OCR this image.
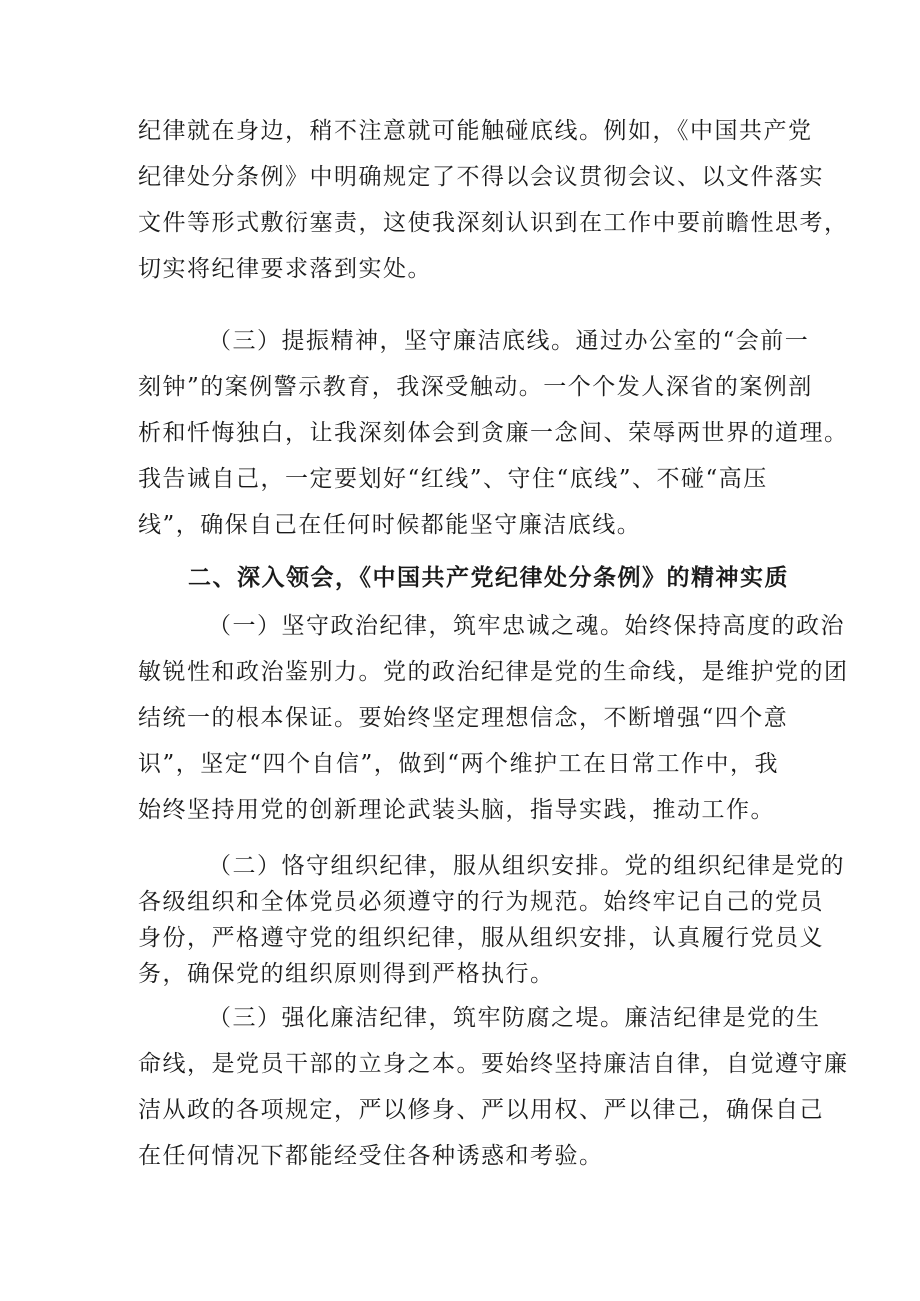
纪律就在身边，稍不注意就可能触碰底线。例如，《中国共产党
纪律处分条例》中明确规定了不得以会议贯彻会议、以文件落实
文件等形式敷衍塞责，这使我深刻认识到在工作中要前瞻性思考，
切实将纪律要求落到实处。
（三）提振精神，坚守廉洁底线。通过办公室的“会前一
刻钟”的案例警示教育，我深受触动。一个个发人深省的案例剖
析和忏悔独白，让我深刻体会到贪廉一念间、荣辱两世界的道理。
我告诫自己，一定要划好“红线”、守住“底线”、不碰“高压
线”，确保自己在任何时候都能坚守廉洁底线。
二、深入领会，《中国共产党纪律处分条例》的精神实质
（一）坚守政治纪律，筑牢忠诚之魂。始终保持高度的政治
敏锐性和政治鉴别力。党的政治纪律是党的生命线，是维护党的团
结统一的根本保证。要始终坚定理想信念，不断增强“四个意
识”，坚定“四个自信”，做到“两个维护工在日常工作中，我
始终坚持用党的创新理论武装头脑，指导实践，推动工作。
（二）恪守组织纪律，服从组织安排。党的组织纪律是党的
各级组织和全体党员必须遵守的行为规范。始终牢记自己的党员
身份，严格遵守党的组织纪律，服从组织安排，认真履行党员义
务，确保党的组织原则得到严格执行。
（三）强化廉洁纪律，筑牢防腐之堤。廉洁纪律是党的生
命线，是党员干部的立身之本。要始终坚持廉洁自律，自觉遵守廉
洁从政的各项规定，严以修身、严以用权、严以律己，确保自己
在任何情况下都能经受住各种诱惑和考验。
